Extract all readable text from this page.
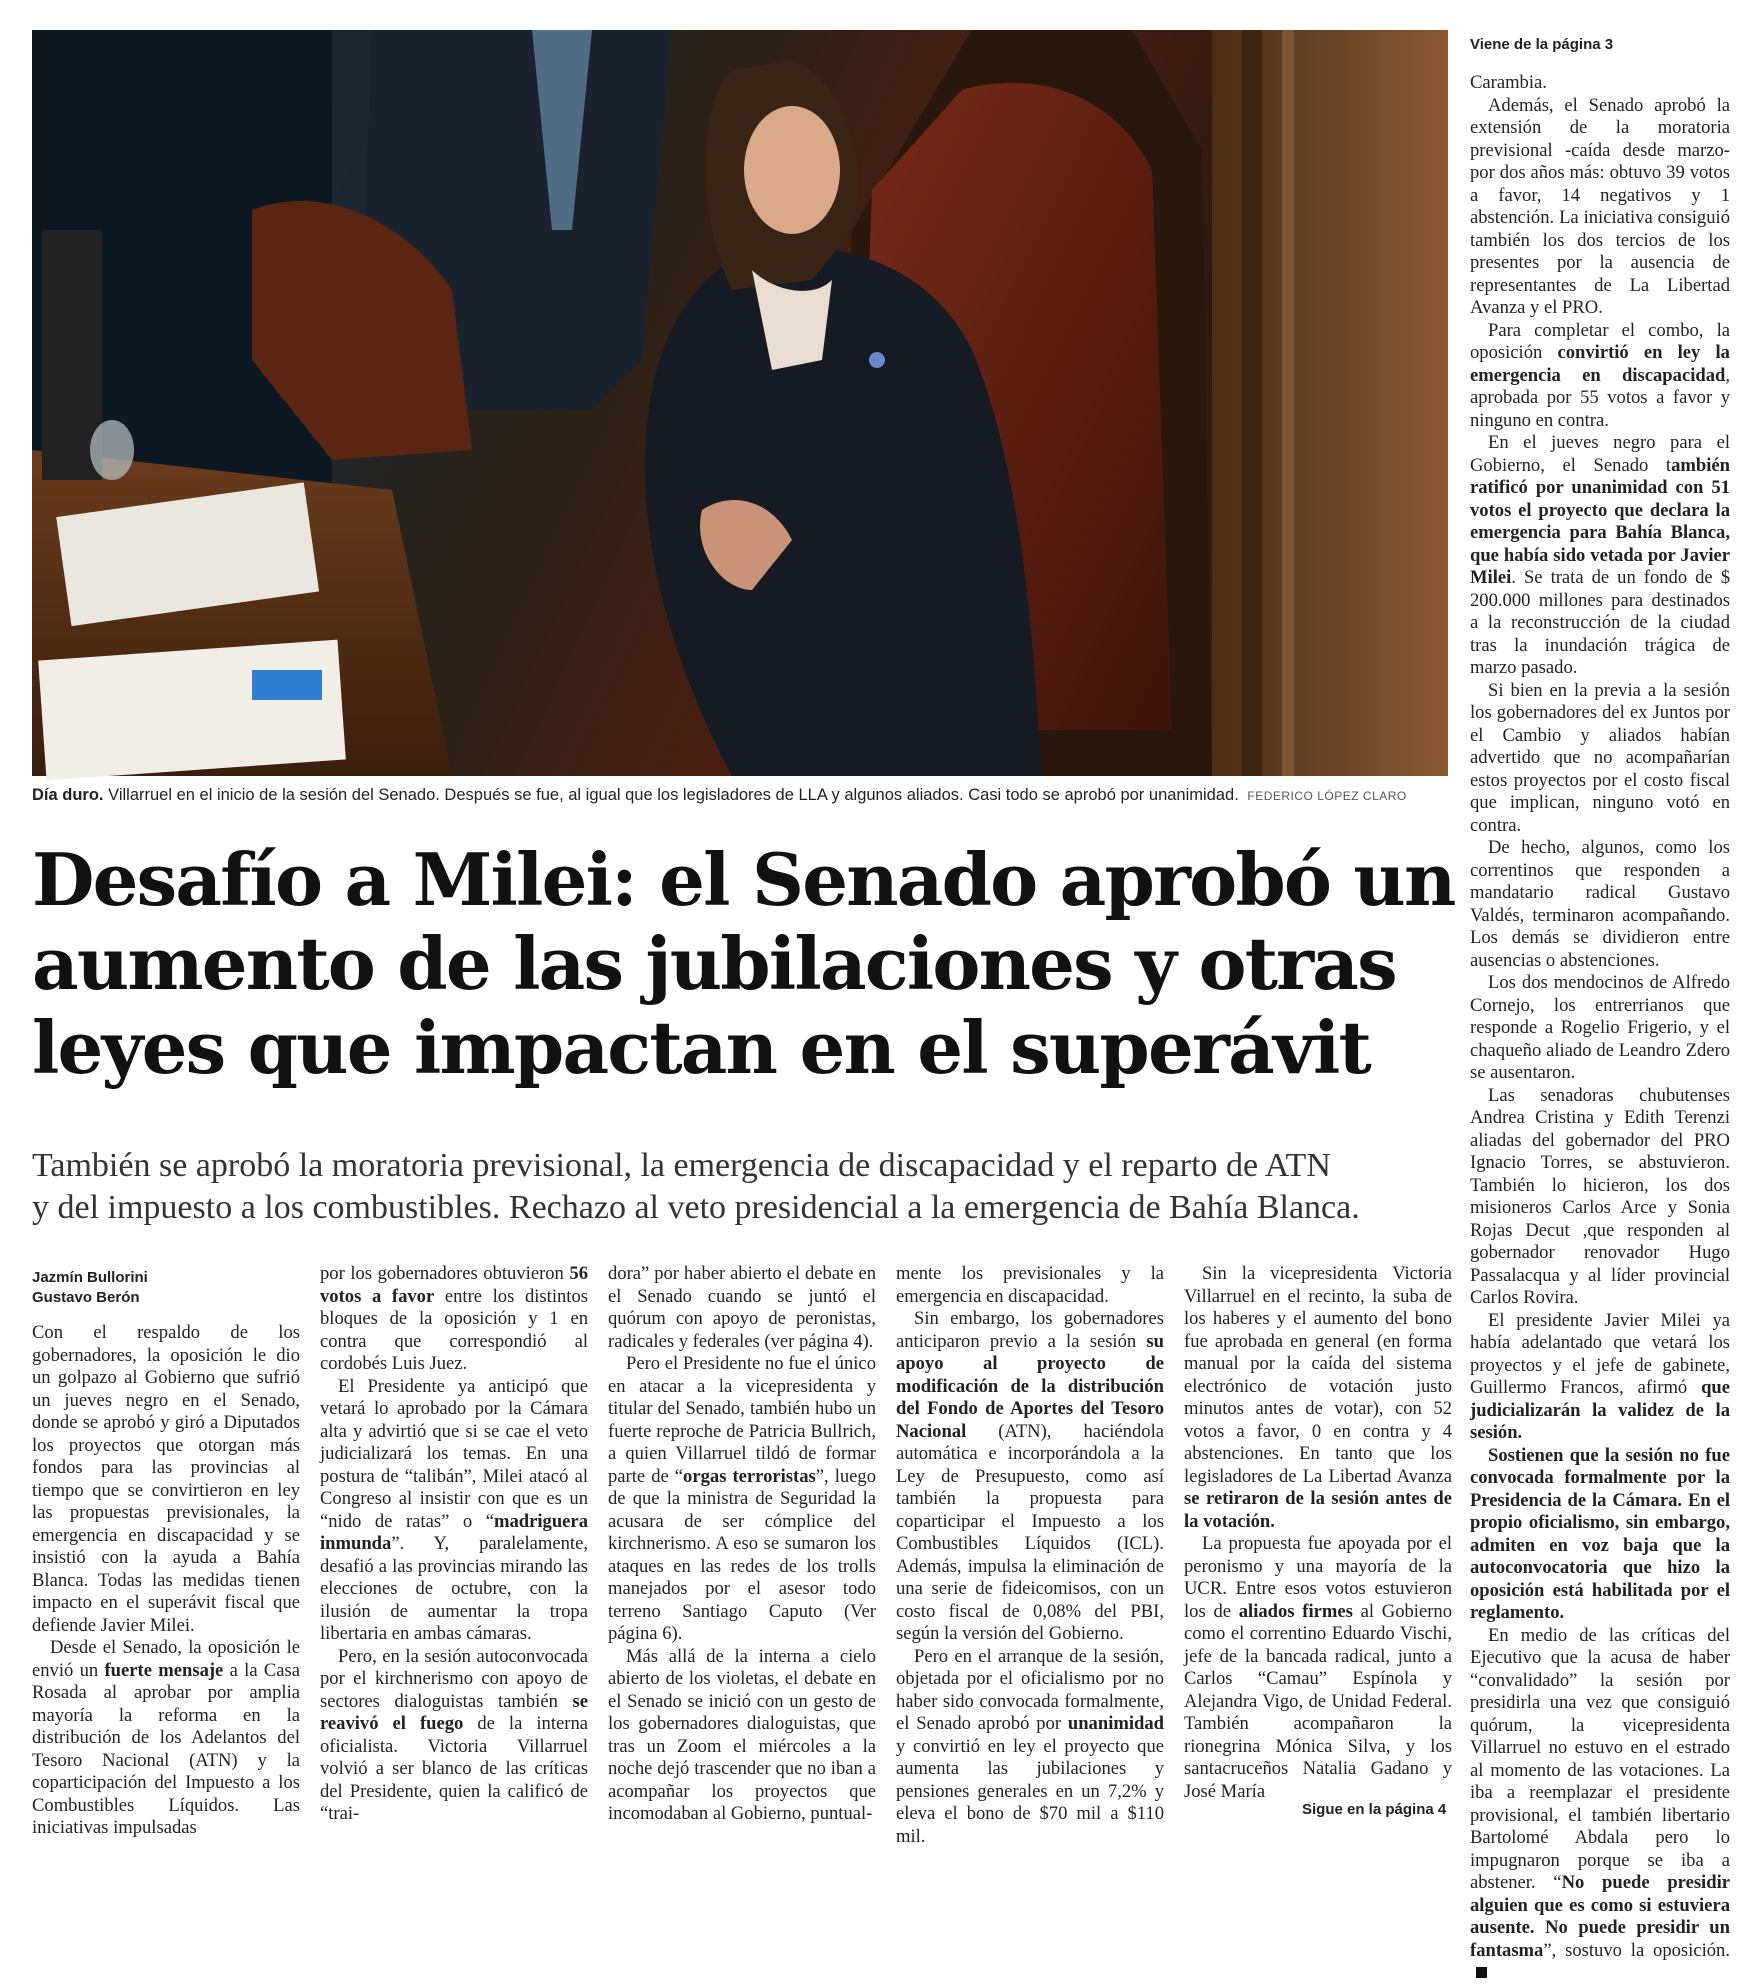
Día duro. Villarruel en el inicio de la sesión del Senado. Después se fue, al igual que los legisladores de LLA y algunos aliados. Casi todo se aprobó por unanimidad. FEDERICO LÓPEZ CLARO
Desafío a Milei: el Senado aprobó un
aumento de las jubilaciones y otras
leyes que impactan en el superávit
También se aprobó la moratoria previsional, la emergencia de discapacidad y el reparto de ATN
y del impuesto a los combustibles. Rechazo al veto presidencial a la emergencia de Bahía Blanca.
Jazmín Bullorini
Gustavo Berón

Con el respaldo de los gobernadores, la oposición le dio un golpazo al Gobierno que sufrió un jueves negro en el Senado, donde se aprobó y giró a Diputados los proyectos que otorgan más fondos para las provincias al tiempo que se convirtieron en ley las propuestas previsionales, la emergencia en discapacidad y se insistió con la ayuda a Bahía Blanca. Todas las medidas tienen impacto en el superávit fiscal que defiende Javier Milei.

Desde el Senado, la oposición le envió un fuerte mensaje a la Casa Rosada al aprobar por amplia mayoría la reforma en la distribución de los Adelantos del Tesoro Nacional (ATN) y la coparticipación del Impuesto a los Combustibles Líquidos. Las iniciativas impulsadas

por los gobernadores obtuvieron 56 votos a favor entre los distintos bloques de la oposición y 1 en contra que correspondió al cordobés Luis Juez.

El Presidente ya anticipó que vetará lo aprobado por la Cámara alta y advirtió que si se cae el veto judicializará los temas. En una postura de “talibán”, Milei atacó al Congreso al insistir con que es un “nido de ratas” o “madriguera inmunda”. Y, paralelamente, desafió a las provincias mirando las elecciones de octubre, con la ilusión de aumentar la tropa libertaria en ambas cámaras.

Pero, en la sesión autoconvocada por el kirchnerismo con apoyo de sectores dialoguistas también se reavivó el fuego de la interna oficialista. Victoria Villarruel volvió a ser blanco de las críticas del Presidente, quien la calificó de “trai-

dora” por haber abierto el debate en el Senado cuando se juntó el quórum con apoyo de peronistas, radicales y federales (ver página 4).

Pero el Presidente no fue el único en atacar a la vicepresidenta y titular del Senado, también hubo un fuerte reproche de Patricia Bullrich, a quien Villarruel tildó de formar parte de “orgas terroristas”, luego de que la ministra de Seguridad la acusara de ser cómplice del kirchnerismo. A eso se sumaron los ataques en las redes de los trolls manejados por el asesor todo terreno Santiago Caputo (Ver página 6).

Más allá de la interna a cielo abierto de los violetas, el debate en el Senado se inició con un gesto de los gobernadores dialoguistas, que tras un Zoom el miércoles a la noche dejó trascender que no iban a acompañar los proyectos que incomodaban al Gobierno, puntual-

mente los previsionales y la emergencia en discapacidad.

Sin embargo, los gobernadores anticiparon previo a la sesión su apoyo al proyecto de modificación de la distribución del Fondo de Aportes del Tesoro Nacional (ATN), haciéndola automática e incorporándola a la Ley de Presupuesto, como así también la propuesta para coparticipar el Impuesto a los Combustibles Líquidos (ICL). Además, impulsa la eliminación de una serie de fideicomisos, con un costo fiscal de 0,08% del PBI, según la versión del Gobierno.

Pero en el arranque de la sesión, objetada por el oficialismo por no haber sido convocada formalmente, el Senado aprobó por unanimidad y convirtió en ley el proyecto que aumenta las jubilaciones y pensiones generales en un 7,2% y eleva el bono de $70 mil a $110 mil.

Sin la vicepresidenta Victoria Villarruel en el recinto, la suba de los haberes y el aumento del bono fue aprobada en general (en forma manual por la caída del sistema electrónico de votación justo minutos antes de votar), con 52 votos a favor, 0 en contra y 4 abstenciones. En tanto que los legisladores de La Libertad Avanza se retiraron de la sesión antes de la votación.

La propuesta fue apoyada por el peronismo y una mayoría de la UCR. Entre esos votos estuvieron los de aliados firmes al Gobierno como el correntino Eduardo Vischi, jefe de la bancada radical, junto a Carlos “Camau” Espínola y Alejandra Vigo, de Unidad Federal. También acompañaron la rionegrina Mónica Silva, y los santacruceños Natalia Gadano y José María

Sigue en la página 4
Viene de la página 3

Carambia.

Además, el Senado aprobó la extensión de la moratoria previsional -caída desde marzo- por dos años más: obtuvo 39 votos a favor, 14 negativos y 1 abstención. La iniciativa consiguió también los dos tercios de los presentes por la ausencia de representantes de La Libertad Avanza y el PRO.

Para completar el combo, la oposición convirtió en ley la emergencia en discapacidad, aprobada por 55 votos a favor y ninguno en contra.

En el jueves negro para el Gobierno, el Senado también ratificó por unanimidad con 51 votos el proyecto que declara la emergencia para Bahía Blanca, que había sido vetada por Javier Milei. Se trata de un fondo de $ 200.000 millones para destinados a la reconstrucción de la ciudad tras la inundación trágica de marzo pasado.

Si bien en la previa a la sesión los gobernadores del ex Juntos por el Cambio y aliados habían advertido que no acompañarían estos proyectos por el costo fiscal que implican, ninguno votó en contra.

De hecho, algunos, como los correntinos que responden a mandatario radical Gustavo Valdés, terminaron acompañando. Los demás se dividieron entre ausencias o abstenciones.

Los dos mendocinos de Alfredo Cornejo, los entrerrianos que responde a Rogelio Frigerio, y el chaqueño aliado de Leandro Zdero se ausentaron.

Las senadoras chubutenses Andrea Cristina y Edith Terenzi aliadas del gobernador del PRO Ignacio Torres, se abstuvieron. También lo hicieron, los dos misioneros Carlos Arce y Sonia Rojas Decut ,que responden al gobernador renovador Hugo Passalacqua y al líder provincial Carlos Rovira.

El presidente Javier Milei ya había adelantado que vetará los proyectos y el jefe de gabinete, Guillermo Francos, afirmó que judicializarán la validez de la sesión.

Sostienen que la sesión no fue convocada formalmente por la Presidencia de la Cámara. En el propio oficialismo, sin embargo, admiten en voz baja que la autoconvocatoria que hizo la oposición está habilitada por el reglamento.

En medio de las críticas del Ejecutivo que la acusa de haber “convalidado” la sesión por presidirla una vez que consiguió quórum, la vicepresidenta Villarruel no estuvo en el estrado al momento de las votaciones. La iba a reemplazar el presidente provisional, el también libertario Bartolomé Abdala pero lo impugnaron porque se iba a abstener. “No puede presidir alguien que es como si estuviera ausente. No puede presidir un fantasma”, sostuvo la oposición.
